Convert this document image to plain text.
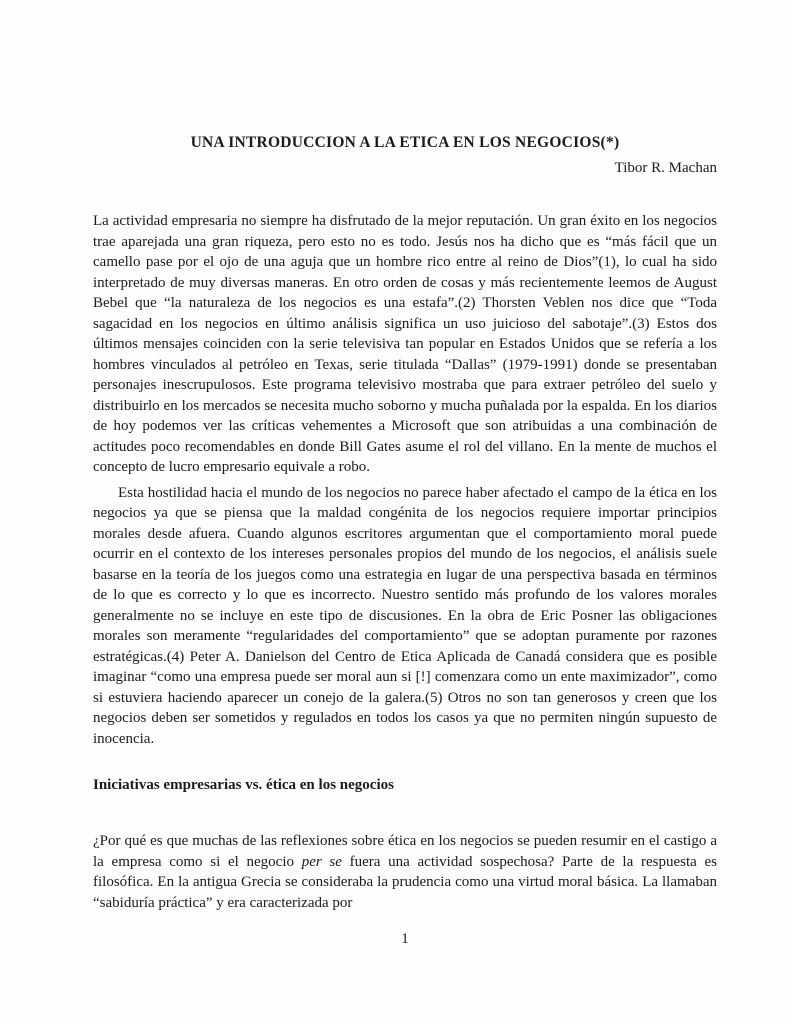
UNA INTRODUCCION A LA ETICA EN LOS NEGOCIOS(*)
Tibor R. Machan

La actividad empresaria no siempre ha disfrutado de la mejor reputación. Un gran éxito en los negocios trae aparejada una gran riqueza, pero esto no es todo. Jesús nos ha dicho que es “más fácil que un camello pase por el ojo de una aguja que un hombre rico entre al reino de Dios”(1), lo cual ha sido interpretado de muy diversas maneras. En otro orden de cosas y más recientemente leemos de August Bebel que “la naturaleza de los negocios es una estafa”.(2) Thorsten Veblen nos dice que “Toda sagacidad en los negocios en último análisis significa un uso juicioso del sabotaje”.(3) Estos dos últimos mensajes coinciden con la serie televisiva tan popular en Estados Unidos que se refería a los hombres vinculados al petróleo en Texas, serie titulada “Dallas” (1979-1991) donde se presentaban personajes inescrupulosos. Este programa televisivo mostraba que para extraer petróleo del suelo y distribuirlo en los mercados se necesita mucho soborno y mucha puñalada por la espalda. En los diarios de hoy podemos ver las críticas vehementes a Microsoft que son atribuidas a una combinación de actitudes poco recomendables en donde Bill Gates asume el rol del villano. En la mente de muchos el concepto de lucro empresario equivale a robo.

Esta hostilidad hacia el mundo de los negocios no parece haber afectado el campo de la ética en los negocios ya que se piensa que la maldad congénita de los negocios requiere importar principios morales desde afuera. Cuando algunos escritores argumentan que el comportamiento moral puede ocurrir en el contexto de los intereses personales propios del mundo de los negocios, el análisis suele basarse en la teoría de los juegos como una estrategia en lugar de una perspectiva basada en términos de lo que es correcto y lo que es incorrecto. Nuestro sentido más profundo de los valores morales generalmente no se incluye en este tipo de discusiones. En la obra de Eric Posner las obligaciones morales son meramente “regularidades del comportamiento” que se adoptan puramente por razones estratégicas.(4) Peter A. Danielson del Centro de Etica Aplicada de Canadá considera que es posible imaginar “como una empresa puede ser moral aun si [!] comenzara como un ente maximizador”, como si estuviera haciendo aparecer un conejo de la galera.(5) Otros no son tan generosos y creen que los negocios deben ser sometidos y regulados en todos los casos ya que no permiten ningún supuesto de inocencia.

Iniciativas empresarias vs. ética en los negocios

¿Por qué es que muchas de las reflexiones sobre ética en los negocios se pueden resumir en el castigo a la empresa como si el negocio per se fuera una actividad sospechosa? Parte de la respuesta es filosófica. En la antigua Grecia se consideraba la prudencia como una virtud moral básica. La llamaban “sabiduría práctica” y era caracterizada por

1
